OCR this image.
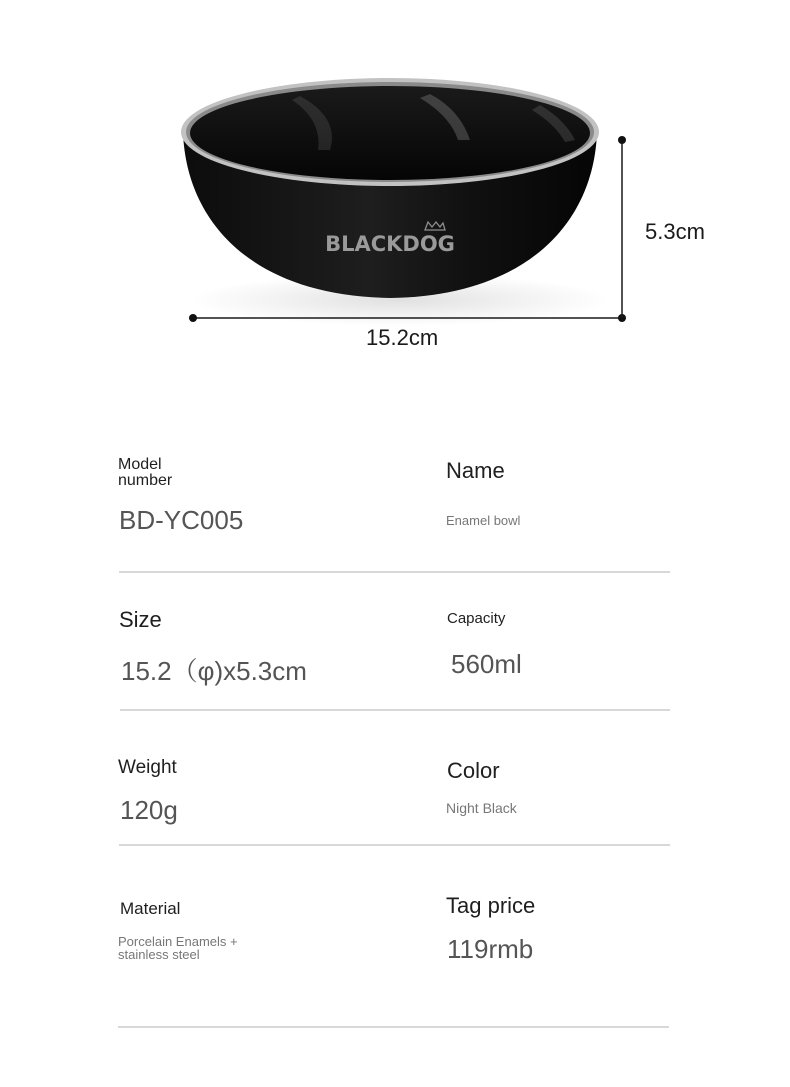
BLACKDOG
15.2cm
5.3cm
Model
number
BD-YC005
Name
Enamel bowl
Size
15.2（φ)x5.3cm
Capacity
560ml
Weight
120g
Color
Night Black
Material
Porcelain Enamels +
stainless steel
Tag price
119rmb
